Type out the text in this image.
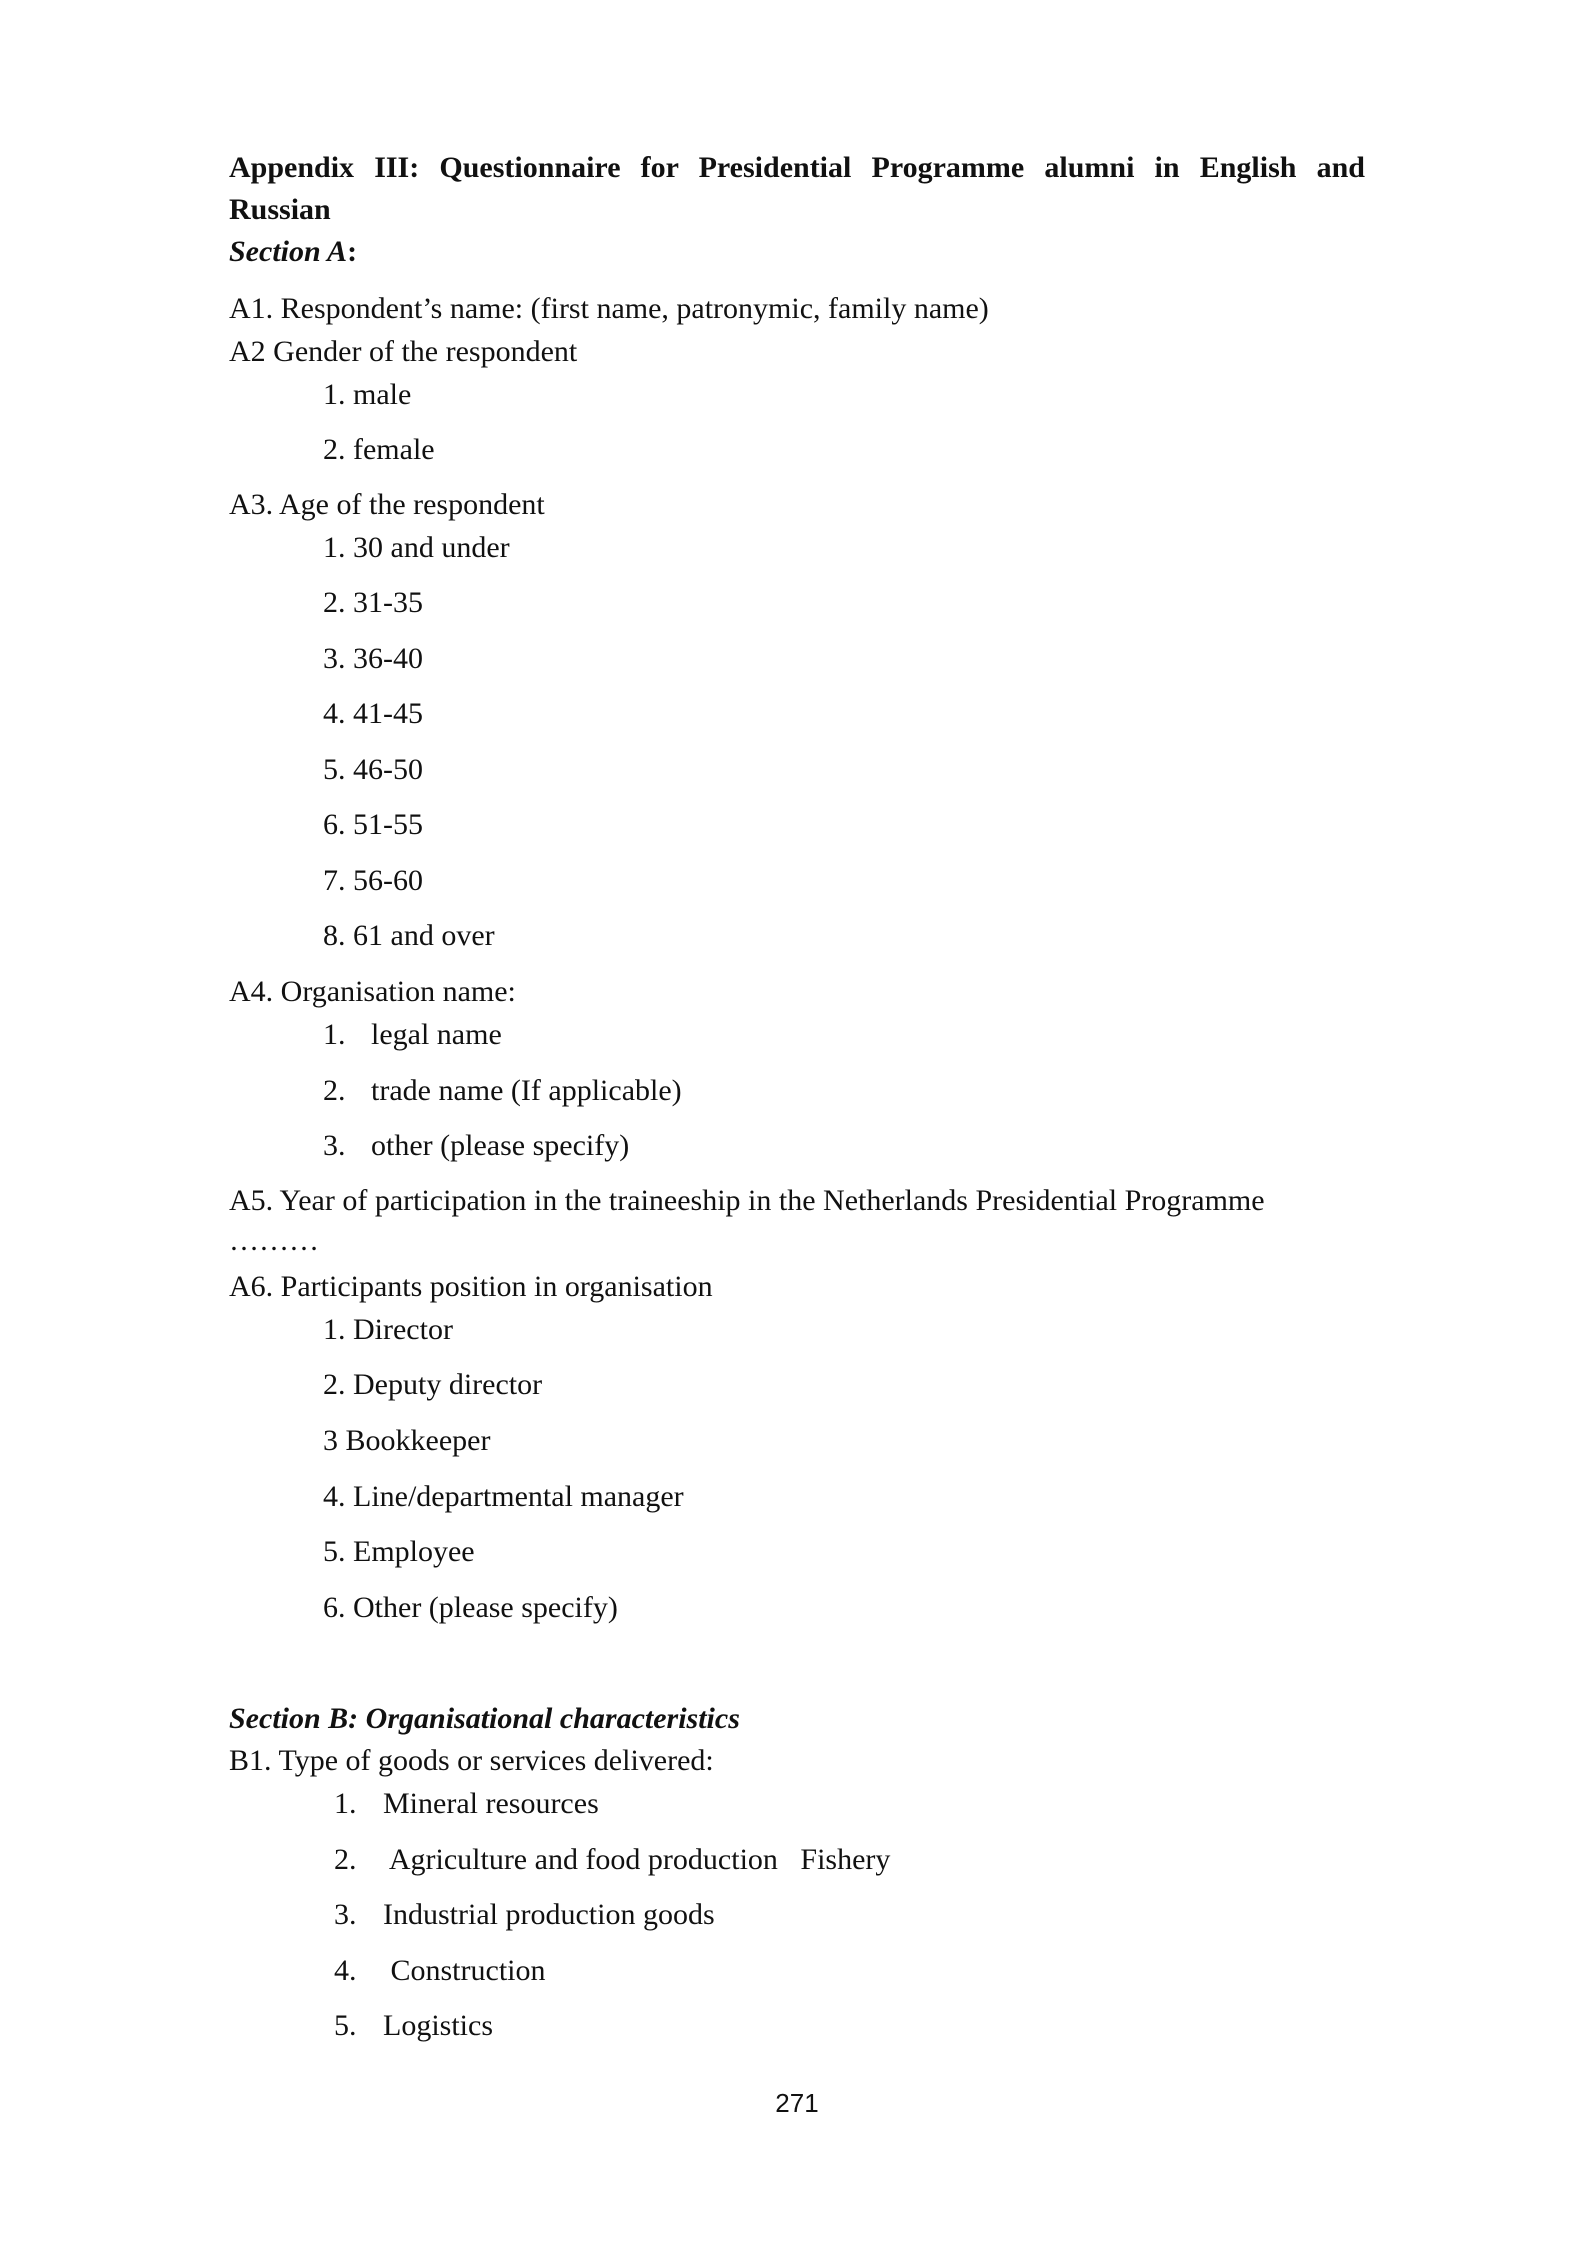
Appendix III: Questionnaire for Presidential Programme alumni in English and
Russian
Section A:
A1. Respondent’s name: (first name, patronymic, family name)
A2 Gender of the respondent
1. male
2. female
A3. Age of the respondent
1. 30 and under
2. 31-35
3. 36-40
4. 41-45
5. 46-50
6. 51-55
7. 56-60
8. 61 and over
A4. Organisation name:
1. legal name
2. trade name (If applicable)
3. other (please specify)
A5. Year of participation in the traineeship in the Netherlands Presidential Programme
………
A6. Participants position in organisation
1. Director
2. Deputy director
3 Bookkeeper
4. Line/departmental manager
5. Employee
6. Other (please specify)
Section B: Organisational characteristics
B1. Type of goods or services delivered:
1. Mineral resources
2. Agriculture and food production   Fishery
3. Industrial production goods
4. Construction
5. Logistics
271
